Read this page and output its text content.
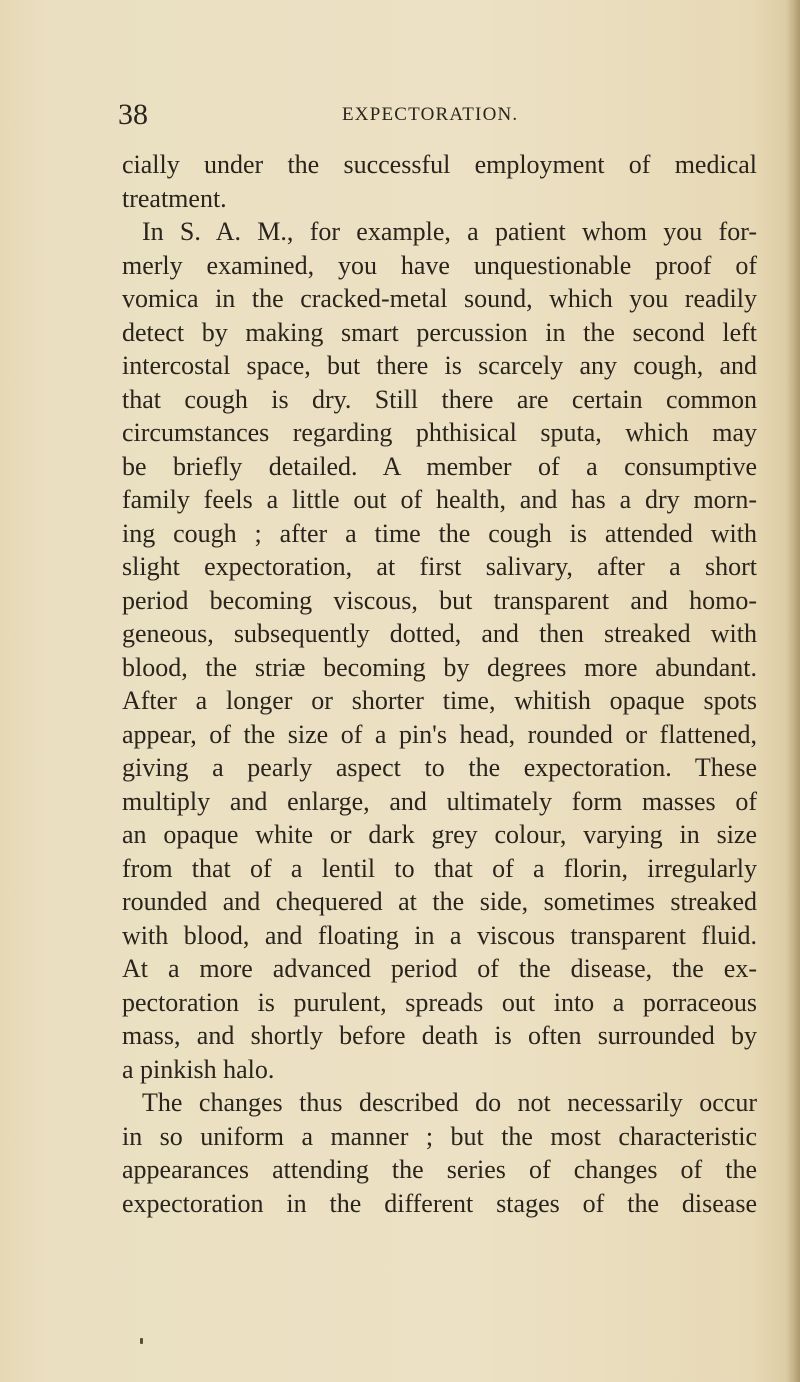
38	EXPECTORATION.
cially under the successful employment of medical
treatment.
In S. A. M., for example, a patient whom you for-
merly examined, you have unquestionable proof of
vomica in the cracked-metal sound, which you readily
detect by making smart percussion in the second left
intercostal space, but there is scarcely any cough, and
that cough is dry. Still there are certain common
circumstances regarding phthisical sputa, which may
be briefly detailed. A member of a consumptive
family feels a little out of health, and has a dry morn-
ing cough ; after a time the cough is attended with
slight expectoration, at first salivary, after a short
period becoming viscous, but transparent and homo-
geneous, subsequently dotted, and then streaked with
blood, the striæ becoming by degrees more abundant.
After a longer or shorter time, whitish opaque spots
appear, of the size of a pin's head, rounded or flattened,
giving a pearly aspect to the expectoration. These
multiply and enlarge, and ultimately form masses of
an opaque white or dark grey colour, varying in size
from that of a lentil to that of a florin, irregularly
rounded and chequered at the side, sometimes streaked
with blood, and floating in a viscous transparent fluid.
At a more advanced period of the disease, the ex-
pectoration is purulent, spreads out into a porraceous
mass, and shortly before death is often surrounded by
a pinkish halo.
The changes thus described do not necessarily occur
in so uniform a manner ; but the most characteristic
appearances attending the series of changes of the
expectoration in the different stages of the disease
